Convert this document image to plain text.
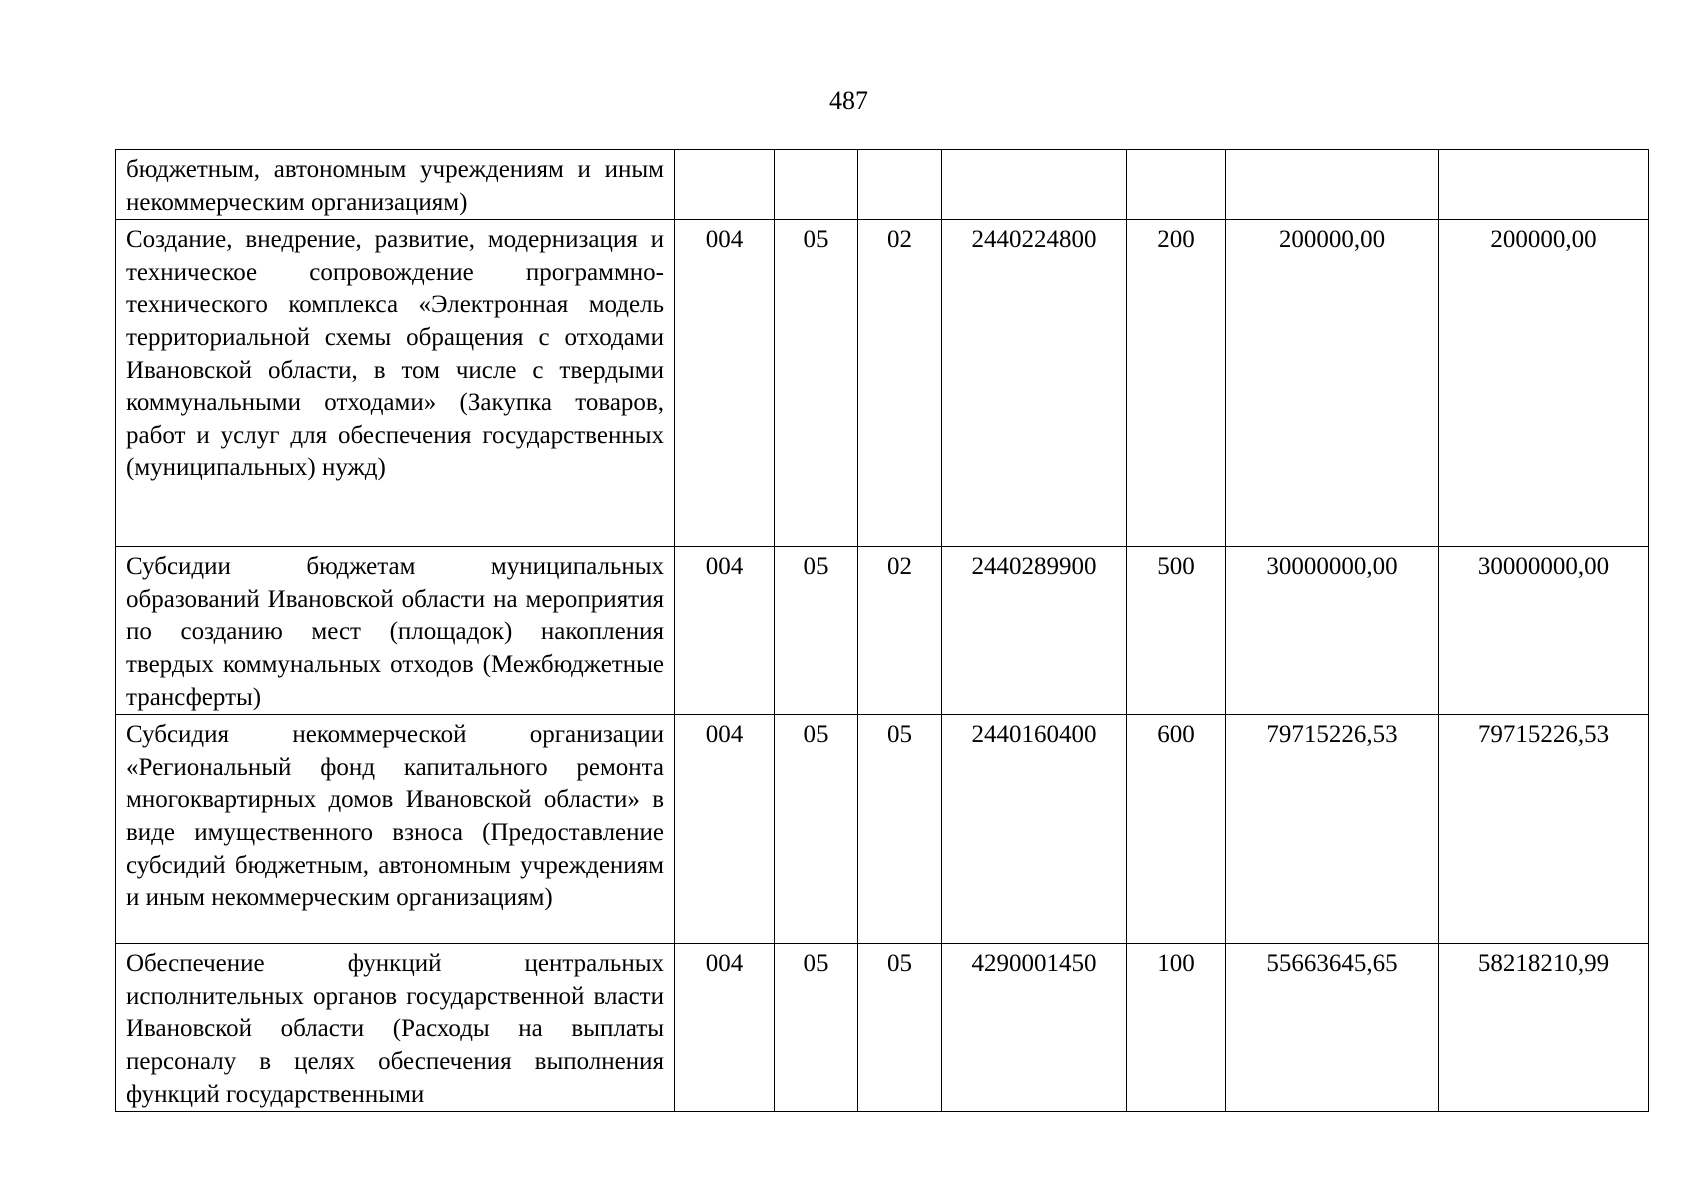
487
бюджетным, автономным учреждениям и иным некоммерческим организациям)							
Создание, внедрение, развитие, модернизация и техническое сопровождение программно-технического комплекса «Электронная модель территориальной схемы обращения с отходами Ивановской области, в том числе с твердыми коммунальными отходами» (Закупка товаров, работ и услуг для обеспечения государственных (муниципальных) нужд)	004	05	02	2440224800	200	200000,00	200000,00
Субсидии бюджетам муниципальных образований Ивановской области на мероприятия по созданию мест (площадок) накопления твердых коммунальных отходов (Межбюджетные трансферты)	004	05	02	2440289900	500	30000000,00	30000000,00
Субсидия некоммерческой организации «Региональный фонд капитального ремонта многоквартирных домов Ивановской области» в виде имущественного взноса (Предоставление субсидий бюджетным, автономным учреждениям и иным некоммерческим организациям)	004	05	05	2440160400	600	79715226,53	79715226,53
Обеспечение функций центральных исполнительных органов государственной власти Ивановской области (Расходы на выплаты персоналу в целях обеспечения выполнения функций государственными	004	05	05	4290001450	100	55663645,65	58218210,99
